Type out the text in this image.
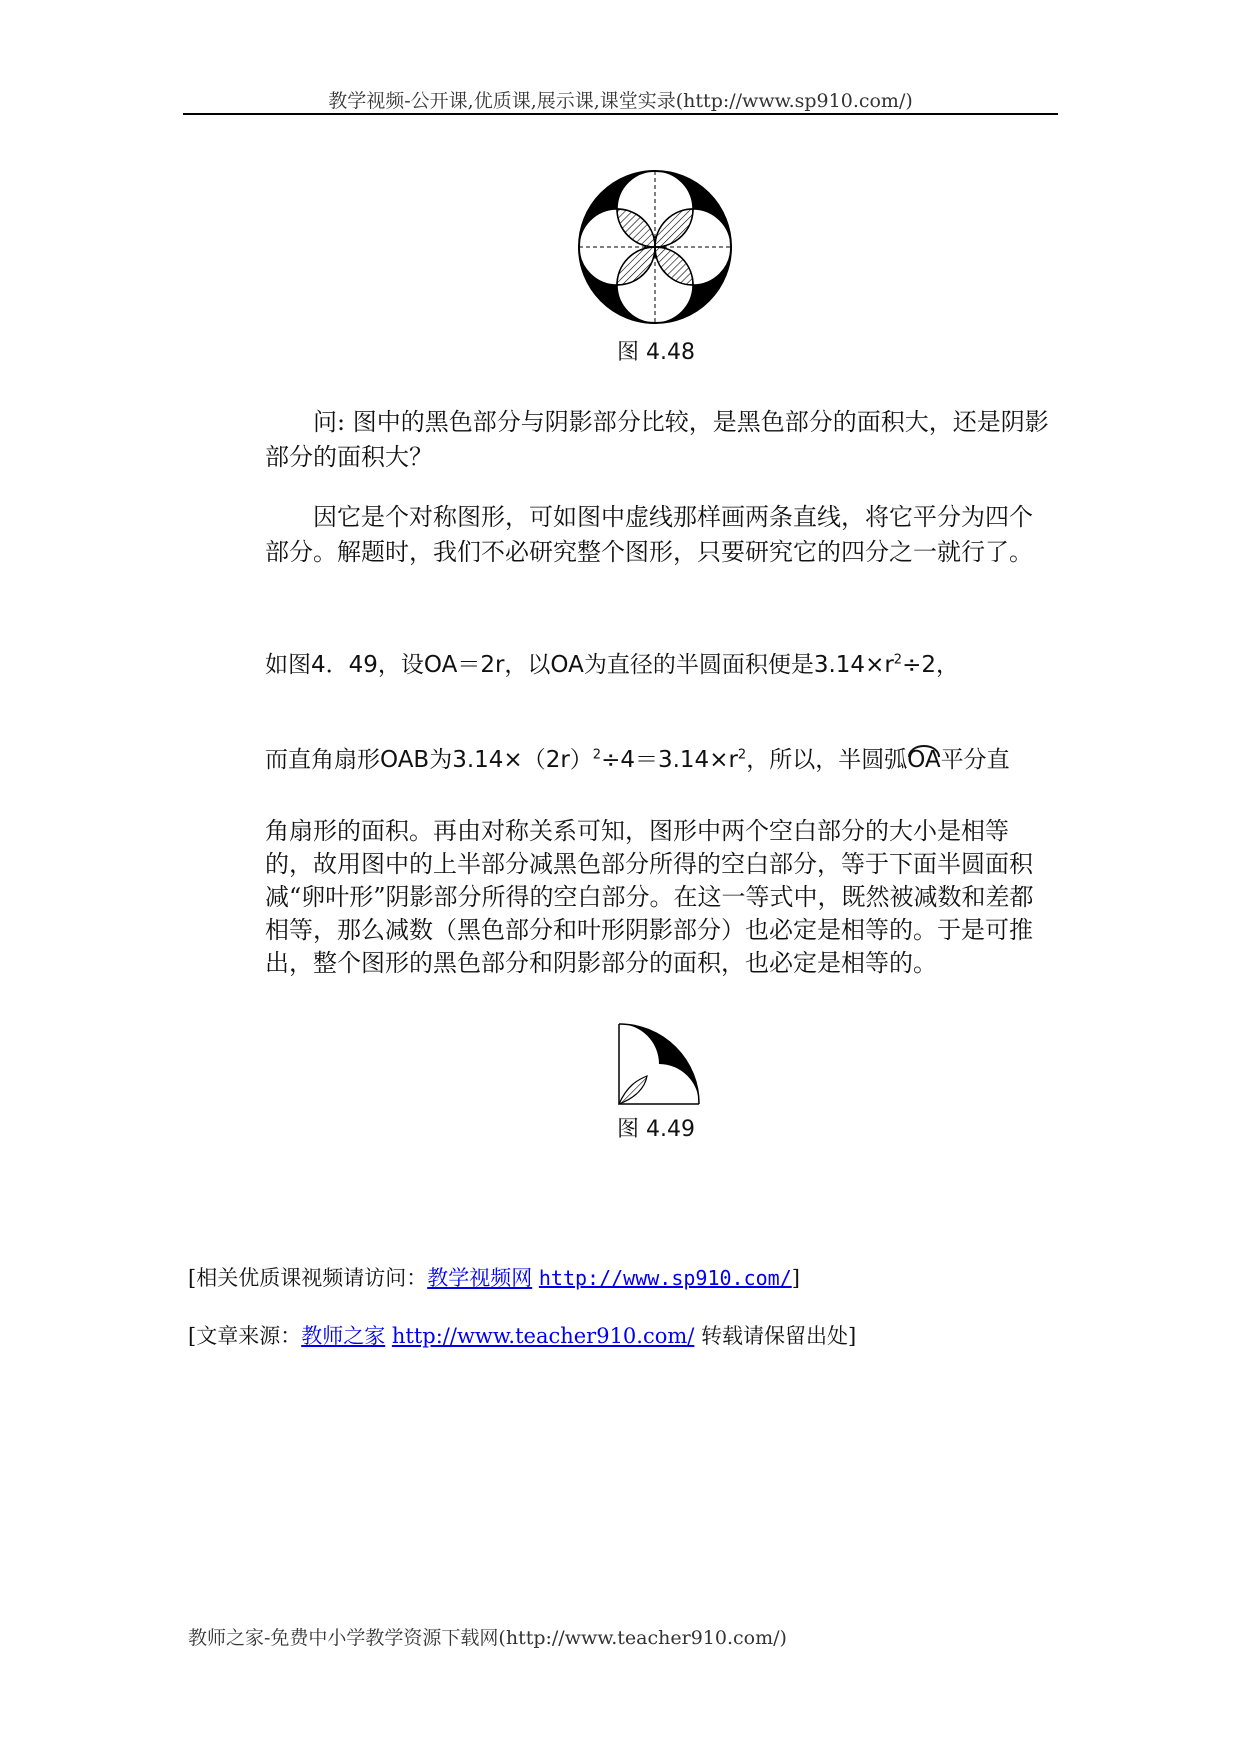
教学视频-公开课,优质课,展示课,课堂实录(http://www.sp910.com/)
图 4.48
问: 图中的黑色部分与阴影部分比较，是黑色部分的面积大，还是阴影部分的面积大？
因它是个对称图形，可如图中虚线那样画两条直线，将它平分为四个部分。解题时，我们不必研究整个图形，只要研究它的四分之一就行了。
如图4．49，设OA＝2r，以OA为直径的半圆面积便是$3.14\times r^2\div 2$，
而直角扇形OAB为$3.14\times(2r)^2\div 4=3.14\times r^2$，所以，半圆弧OA平分直
角扇形的面积。再由对称关系可知，图形中两个空白部分的大小是相等的，故用图中的上半部分减黑色部分所得的空白部分，等于下面半圆面积减“卵叶形”阴影部分所得的空白部分。在这一等式中，既然被减数和差都相等，那么减数（黑色部分和叶形阴影部分）也必定是相等的。于是可推出，整个图形的黑色部分和阴影部分的面积，也必定是相等的。
图 4.49
[相关优质课视频请访问：教学视频网 http://www.sp910.com/]
[文章来源：教师之家 http://www.teacher910.com/ 转载请保留出处]
教师之家-免费中小学教学资源下载网(http://www.teacher910.com/)
